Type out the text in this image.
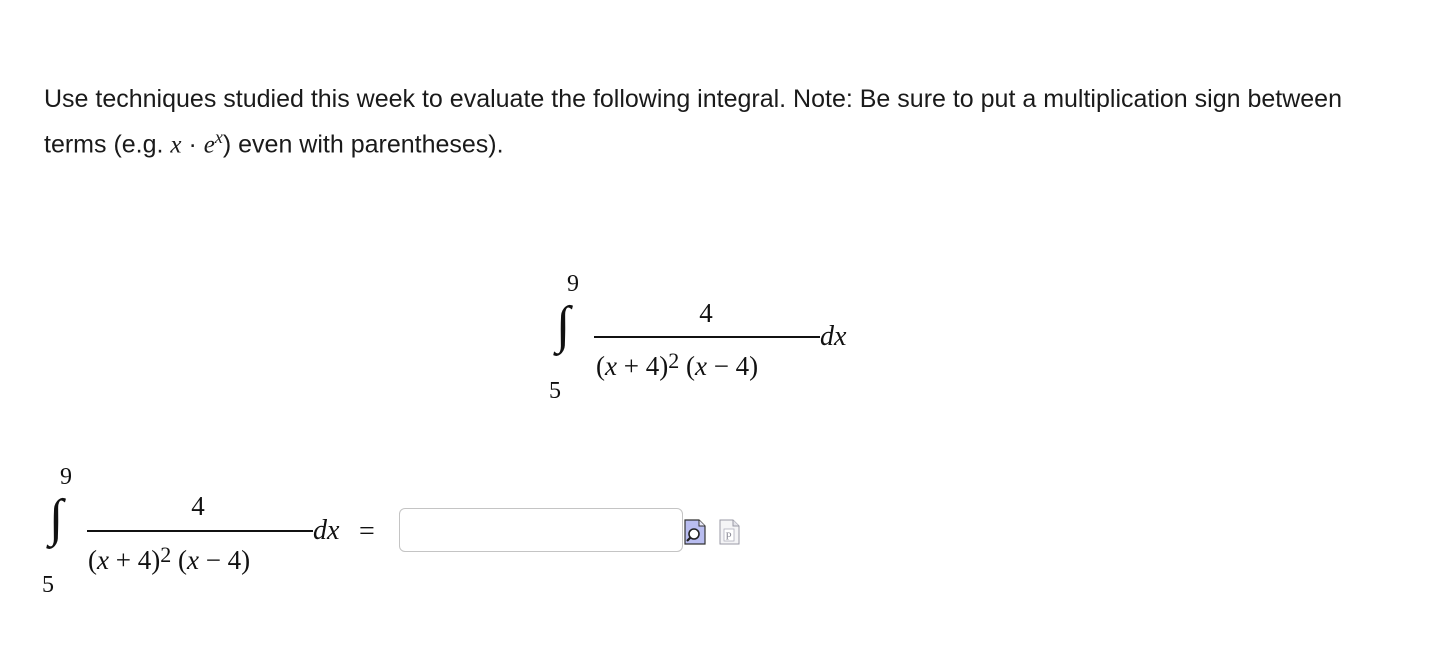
Use techniques studied this week to evaluate the following integral. Note: Be sure to put a multiplication sign between terms (e.g. $x \cdot e^x$) even with parentheses).
9
∫
5
4
$(x + 4)^2$ (x − 4)
dx
9
∫
5
4
$(x + 4)^2$ (x − 4)
dx =	P
